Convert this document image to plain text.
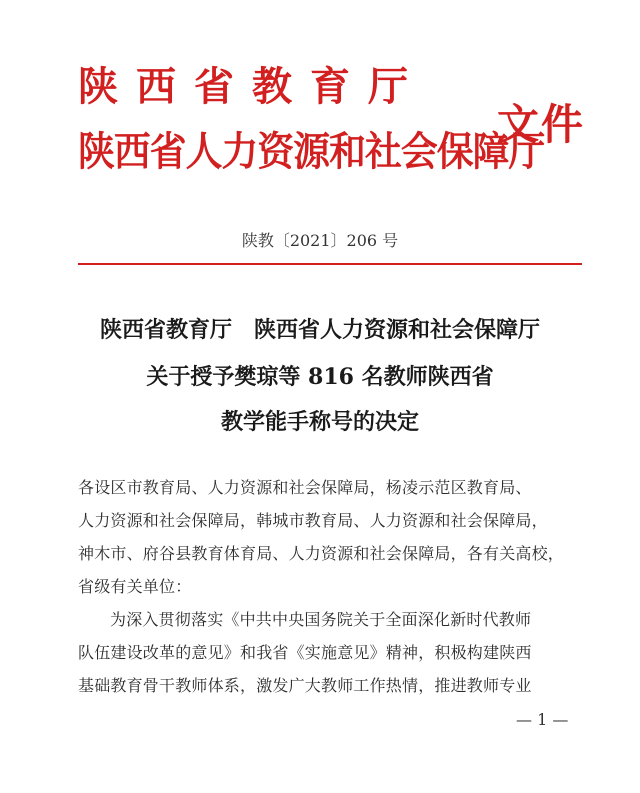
陕西省教育厅
陕西省人力资源和社会保障厅
文件
陕教〔2021〕206 号
陕西省教育厅 陕西省人力资源和社会保障厅
关于授予樊琼等 816 名教师陕西省
教学能手称号的决定
各设区市教育局、人力资源和社会保障局，杨凌示范区教育局、
人力资源和社会保障局，韩城市教育局、人力资源和社会保障局，
神木市、府谷县教育体育局、人力资源和社会保障局，各有关高校，
省级有关单位：
为深入贯彻落实《中共中央国务院关于全面深化新时代教师
队伍建设改革的意见》和我省《实施意见》精神，积极构建陕西
基础教育骨干教师体系，激发广大教师工作热情，推进教师专业
— 1 —
